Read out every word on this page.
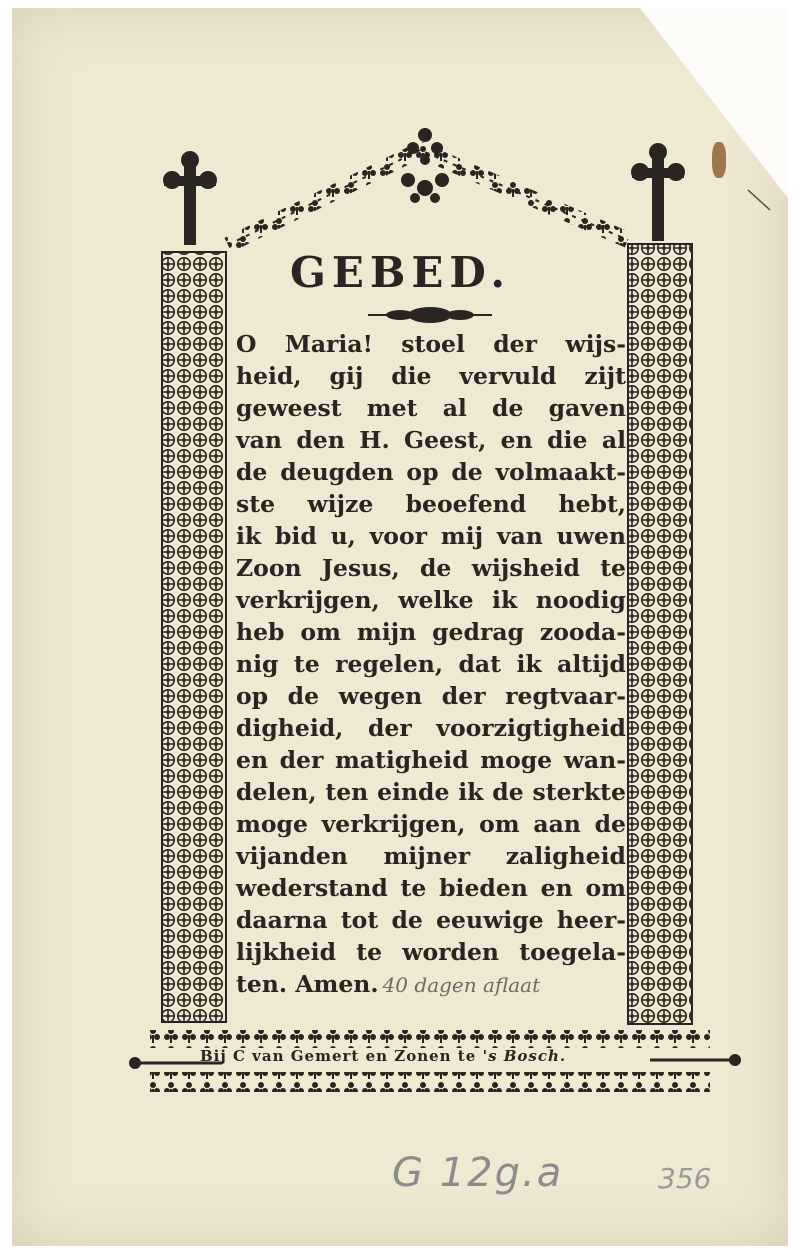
GEBED.
O Maria! stoel der wijs-
heid, gij die vervuld zijt
geweest met al de gaven
van den H. Geest, en die al
de deugden op de volmaakt-
ste wijze beoefend hebt,
ik bid u, voor mij van uwen
Zoon Jesus, de wijsheid te
verkrijgen, welke ik noodig
heb om mijn gedrag zooda-
nig te regelen, dat ik altijd
op de wegen der regtvaar-
digheid, der voorzigtigheid
en der matigheid moge wan-
delen, ten einde ik de sterkte
moge verkrijgen, om aan de
vijanden mijner zaligheid
wederstand te bieden en om
daarna tot de eeuwige heer-
lijkheid te worden toegela-
ten. Amen. 40 dagen aflaat
Bij C van Gemert en Zonen te 's Bosch.
G 12g.a	356
